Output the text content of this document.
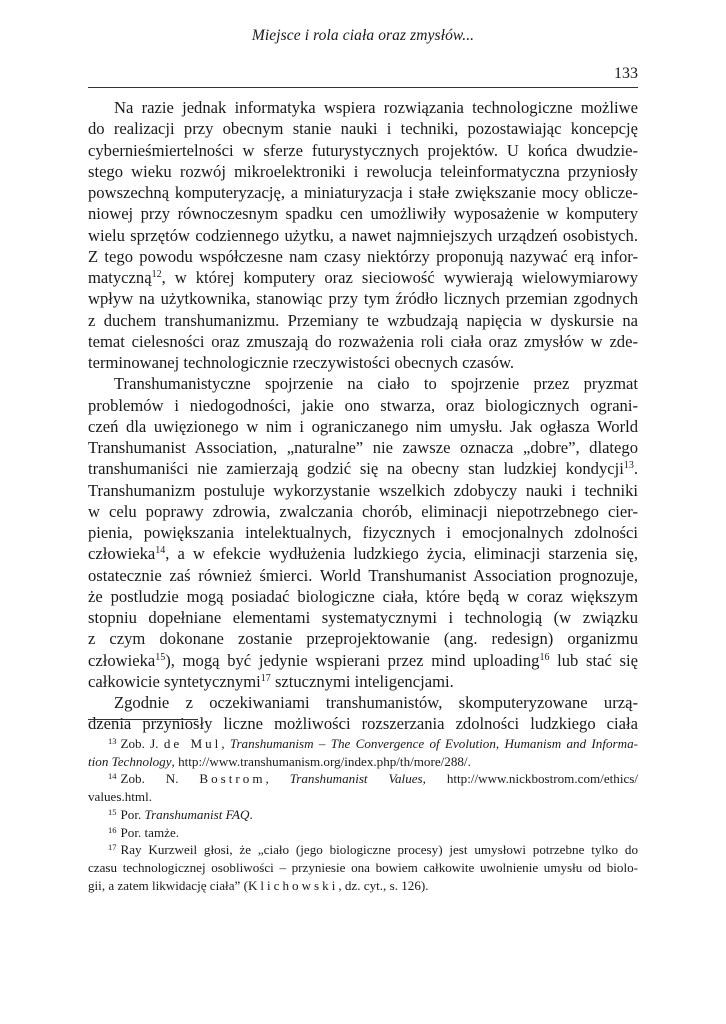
Miejsce i rola ciała oraz zmysłów...
133
Na razie jednak informatyka wspiera rozwiązania technologiczne możliwe
do realizacji przy obecnym stanie nauki i techniki, pozostawiając koncepcję
cybernieśmiertelności w sferze futurystycznych projektów. U końca dwudzie-
stego wieku rozwój mikroelektroniki i rewolucja teleinformatyczna przyniosły
powszechną komputeryzację, a miniaturyzacja i stałe zwiększanie mocy oblicze-
niowej przy równoczesnym spadku cen umożliwiły wyposażenie w komputery
wielu sprzętów codziennego użytku, a nawet najmniejszych urządzeń osobistych.
Z tego powodu współczesne nam czasy niektórzy proponują nazywać erą infor-
matyczną$^{12}$, w której komputery oraz sieciowość wywierają wielowymiarowy
wpływ na użytkownika, stanowiąc przy tym źródło licznych przemian zgodnych
z duchem transhumanizmu. Przemiany te wzbudzają napięcia w dyskursie na
temat cielesności oraz zmuszają do rozważenia roli ciała oraz zmysłów w zde-
terminowanej technologicznie rzeczywistości obecnych czasów.
Transhumanistyczne spojrzenie na ciało to spojrzenie przez pryzmat
problemów i niedogodności, jakie ono stwarza, oraz biologicznych ograni-
czeń dla uwięzionego w nim i ograniczanego nim umysłu. Jak ogłasza World
Transhumanist Association, „naturalne” nie zawsze oznacza „dobre”, dlatego
transhumaniści nie zamierzają godzić się na obecny stan ludzkiej kondycji$^{13}$.
Transhumanizm postuluje wykorzystanie wszelkich zdobyczy nauki i techniki
w celu poprawy zdrowia, zwalczania chorób, eliminacji niepotrzebnego cier-
pienia, powiększania intelektualnych, fizycznych i emocjonalnych zdolności
człowieka$^{14}$, a w efekcie wydłużenia ludzkiego życia, eliminacji starzenia się,
ostatecznie zaś również śmierci. World Transhumanist Association prognozuje,
że postludzie mogą posiadać biologiczne ciała, które będą w coraz większym
stopniu dopełniane elementami systematycznymi i technologią (w związku
z czym dokonane zostanie przeprojektowanie (ang. redesign) organizmu
człowieka$^{15}$), mogą być jedynie wspierani przez mind uploading$^{16}$ lub stać się
całkowicie syntetycznymi$^{17}$ sztucznymi inteligencjami.
Zgodnie z oczekiwaniami transhumanistów, skomputeryzowane urzą-
dzenia przyniosły liczne możliwości rozszerzania zdolności ludzkiego ciała
$^{13}$ Zob. J. de Mul, Transhumanism – The Convergence of Evolution, Humanism and Informa-
tion Technology, http://www.transhumanism.org/index.php/th/more/288/.
$^{14}$ Zob. N. Bostrom, Transhumanist Values, http://www.nickbostrom.com/ethics/
values.html.
$^{15}$ Por. Transhumanist FAQ.
$^{16}$ Por. tamże.
$^{17}$ Ray Kurzweil głosi, że „ciało (jego biologiczne procesy) jest umysłowi potrzebne tylko do
czasu technologicznej osobliwości – przyniesie ona bowiem całkowite uwolnienie umysłu od biolo-
gii, a zatem likwidację ciała” (Klichowski, dz. cyt., s. 126).
